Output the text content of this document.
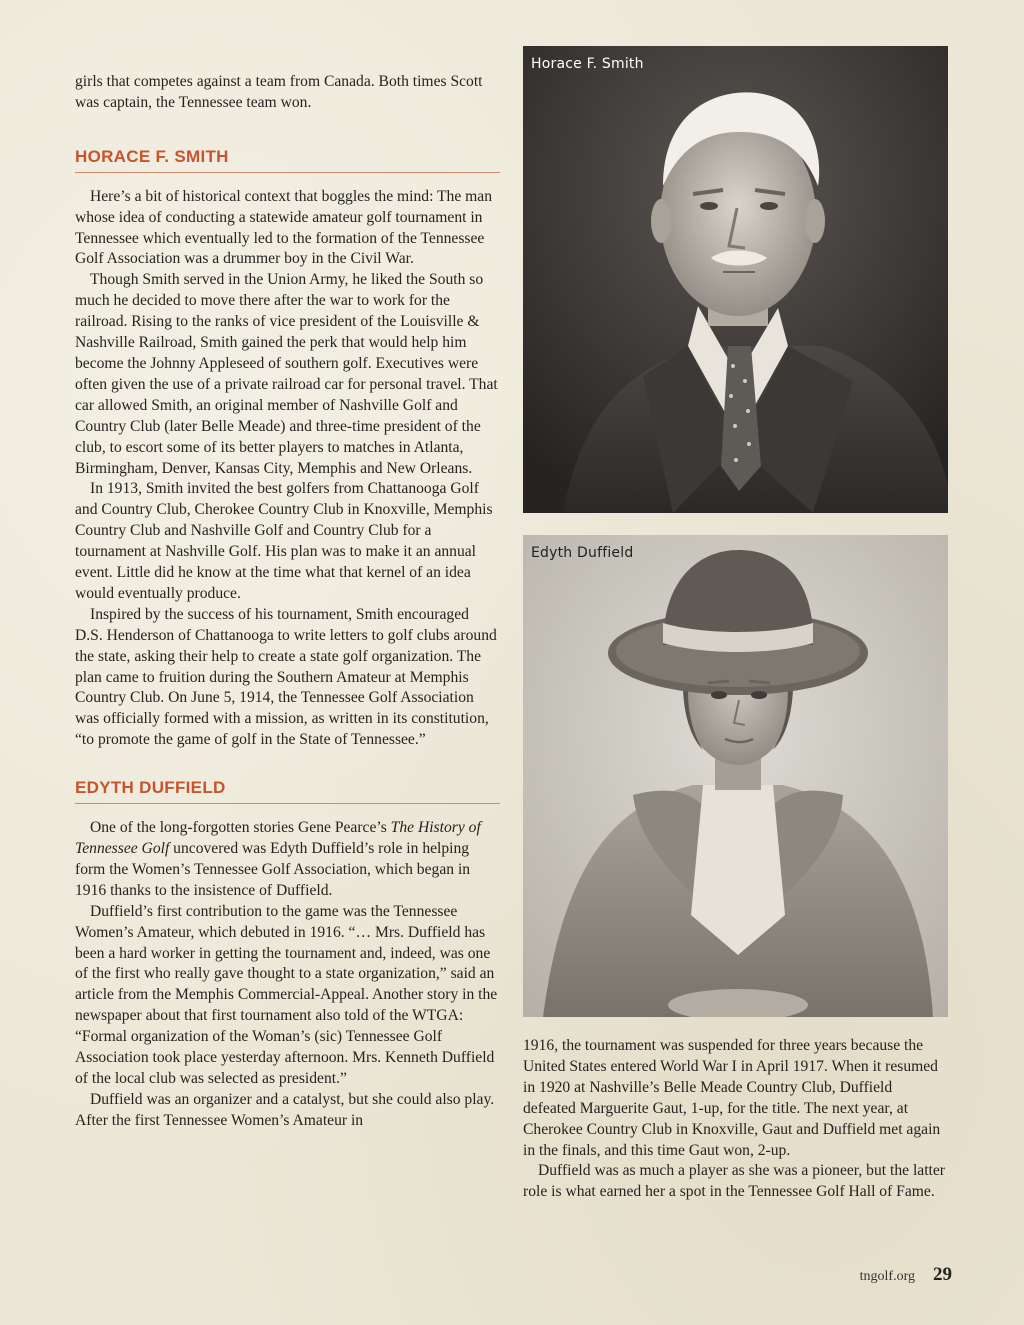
girls that competes against a team from Canada. Both times Scott was captain, the Tennessee team won.

HORACE F. SMITH

Here’s a bit of historical context that boggles the mind: The man whose idea of conducting a statewide amateur golf tournament in Tennessee which eventually led to the formation of the Tennessee Golf Association was a drummer boy in the Civil War.

Though Smith served in the Union Army, he liked the South so much he decided to move there after the war to work for the railroad. Rising to the ranks of vice president of the Louisville & Nashville Railroad, Smith gained the perk that would help him become the Johnny Appleseed of southern golf. Executives were often given the use of a private railroad car for personal travel. That car allowed Smith, an original member of Nashville Golf and Country Club (later Belle Meade) and three-time president of the club, to escort some of its better players to matches in Atlanta, Birmingham, Denver, Kansas City, Memphis and New Orleans.

In 1913, Smith invited the best golfers from Chattanooga Golf and Country Club, Cherokee Country Club in Knoxville, Memphis Country Club and Nashville Golf and Country Club for a tournament at Nashville Golf. His plan was to make it an annual event. Little did he know at the time what that kernel of an idea would eventually produce.

Inspired by the success of his tournament, Smith encouraged D.S. Henderson of Chattanooga to write letters to golf clubs around the state, asking their help to create a state golf organization. The plan came to fruition during the Southern Amateur at Memphis Country Club. On June 5, 1914, the Tennessee Golf Association was officially formed with a mission, as written in its constitution, “to promote the game of golf in the State of Tennessee.”

EDYTH DUFFIELD

One of the long-forgotten stories Gene Pearce’s The History of Tennessee Golf uncovered was Edyth Duffield’s role in helping form the Women’s Tennessee Golf Association, which began in 1916 thanks to the insistence of Duffield.

Duffield’s first contribution to the game was the Tennessee Women’s Amateur, which debuted in 1916. “… Mrs. Duffield has been a hard worker in getting the tournament and, indeed, was one of the first who really gave thought to a state organization,” said an article from the Memphis Commercial-Appeal. Another story in the newspaper about that first tournament also told of the WTGA: “Formal organization of the Woman’s (sic) Tennessee Golf Association took place yesterday afternoon. Mrs. Kenneth Duffield of the local club was selected as president.”

Duffield was an organizer and a catalyst, but she could also play. After the first Tennessee Women’s Amateur in

Horace F. Smith
Edyth Duffield

1916, the tournament was suspended for three years because the United States entered World War I in April 1917. When it resumed in 1920 at Nashville’s Belle Meade Country Club, Duffield defeated Marguerite Gaut, 1-up, for the title. The next year, at Cherokee Country Club in Knoxville, Gaut and Duffield met again in the finals, and this time Gaut won, 2-up.

Duffield was as much a player as she was a pioneer, but the latter role is what earned her a spot in the Tennessee Golf Hall of Fame.

tngolf.org 29
